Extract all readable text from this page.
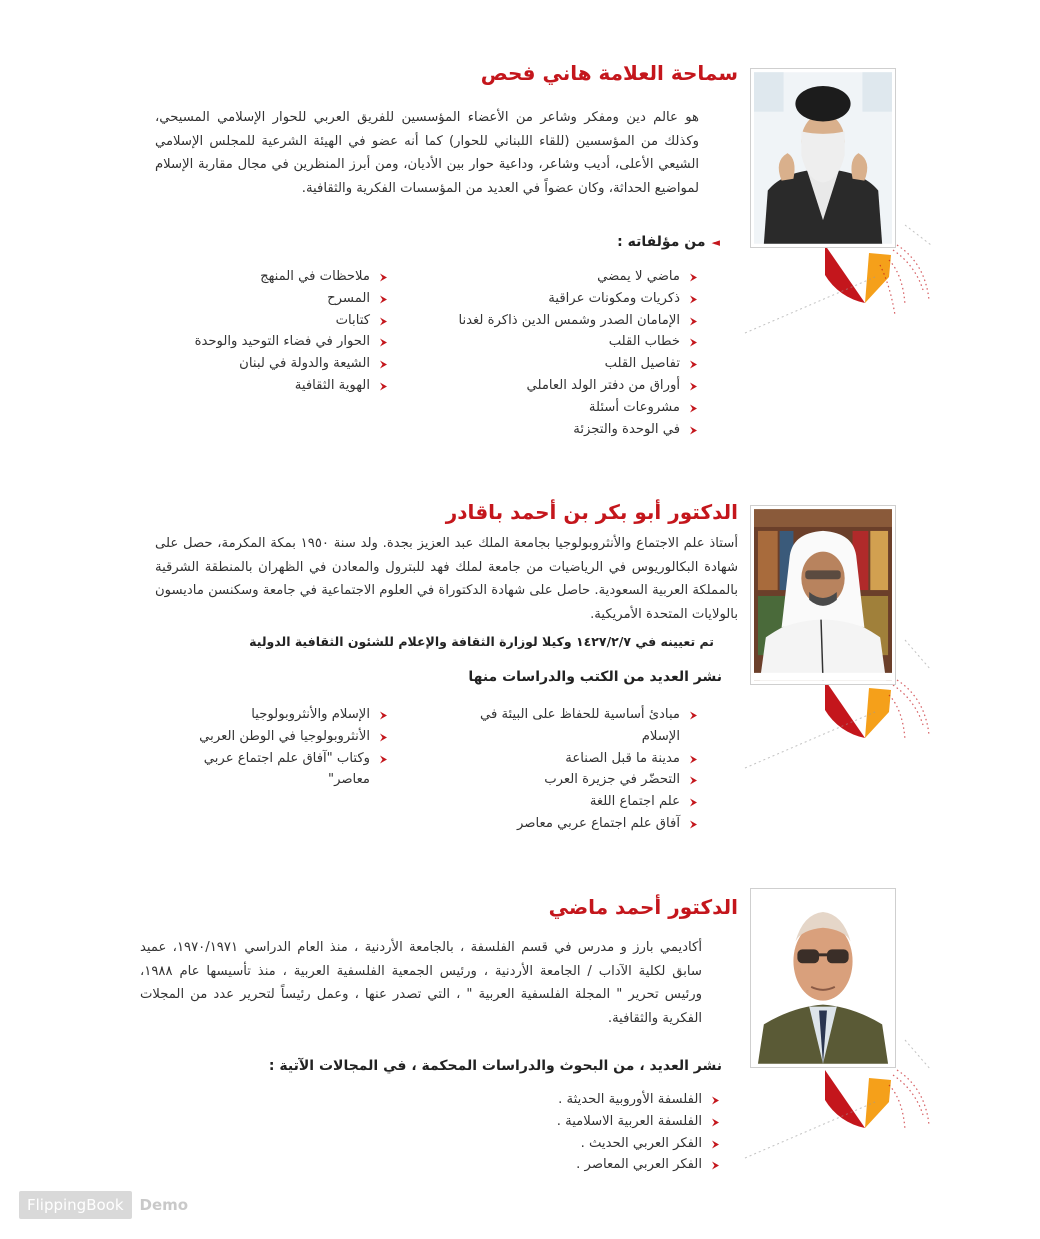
سماحة العلامة هاني فحص
هو عالم دين ومفكر وشاعر من الأعضاء المؤسسين للفريق العربي للحوار الإسلامي المسيحي، وكذلك من المؤسسين (للقاء اللبناني للحوار) كما أنه عضو في الهيئة الشرعية للمجلس الإسلامي الشيعي الأعلى، أديب وشاعر، وداعية حوار بين الأديان، ومن أبرز المنظرين في مجال مقاربة الإسلام لمواضيع الحداثة، وكان عضواً في العديد من المؤسسات الفكرية والثقافية.
◄من مؤلفاته :
ماضي لا يمضي
ذكريات ومكونات عراقية
الإمامان الصدر وشمس الدين ذاكرة لغدنا
خطاب القلب
تفاصيل القلب
أوراق من دفتر الولد العاملي
مشروعات أسئلة
في الوحدة والتجزئة
ملاحظات في المنهج
المسرح
كتابات
الحوار في فضاء التوحيد والوحدة
الشيعة والدولة في لبنان
الهوية الثقافية
الدكتور أبو بكر بن أحمد باقادر
أستاذ علم الاجتماع والأنثروبولوجيا بجامعة الملك عبد العزيز بجدة. ولد سنة ١٩٥٠ بمكة المكرمة، حصل على شهادة البكالوريوس في الرياضيات من جامعة لملك فهد للبترول والمعادن في الظهران بالمنطقة الشرقية بالمملكة العربية السعودية. حاصل على شهادة الدكتوراة في العلوم الاجتماعية في جامعة وسكنسن ماديسون بالولايات المتحدة الأمريكية.
تم تعيينه في ١٤٢٧/٢/٧ وكيلا لوزارة الثقافة والإعلام للشئون الثقافية الدولية
نشر العديد من الكتب والدراسات منها
مبادئ أساسية للحفاظ على البيئة في الإسلام
مدينة ما قبل الصناعة
التحضّر في جزيرة العرب
علم اجتماع اللغة
آفاق علم اجتماع عربي معاصر
الإسلام والأنثروبولوجيا
الأنثروبولوجيا في الوطن العربي
وكتاب "آفاق علم اجتماع عربي معاصر"
الدكتور أحمد ماضي
أكاديمي بارز و مدرس في قسم الفلسفة ، بالجامعة الأردنية ، منذ العام الدراسي ١٩٧٠/١٩٧١، عميد سابق لكلية الآداب / الجامعة الأردنية ، ورئيس الجمعية الفلسفية العربية ، منذ تأسيسها عام ١٩٨٨، ورئيس تحرير " المجلة الفلسفية العربية " ، التي تصدر عنها ، وعمل رئيساً لتحرير عدد من المجلات الفكرية والثقافية.
نشر العديد ، من البحوث والدراسات المحكمة ، في المجالات الآتية :
الفلسفة الأوروبية الحديثة .
الفلسفة العربية الاسلامية .
الفكر العربي الحديث .
الفكر العربي المعاصر .
FlippingBook	Demo
